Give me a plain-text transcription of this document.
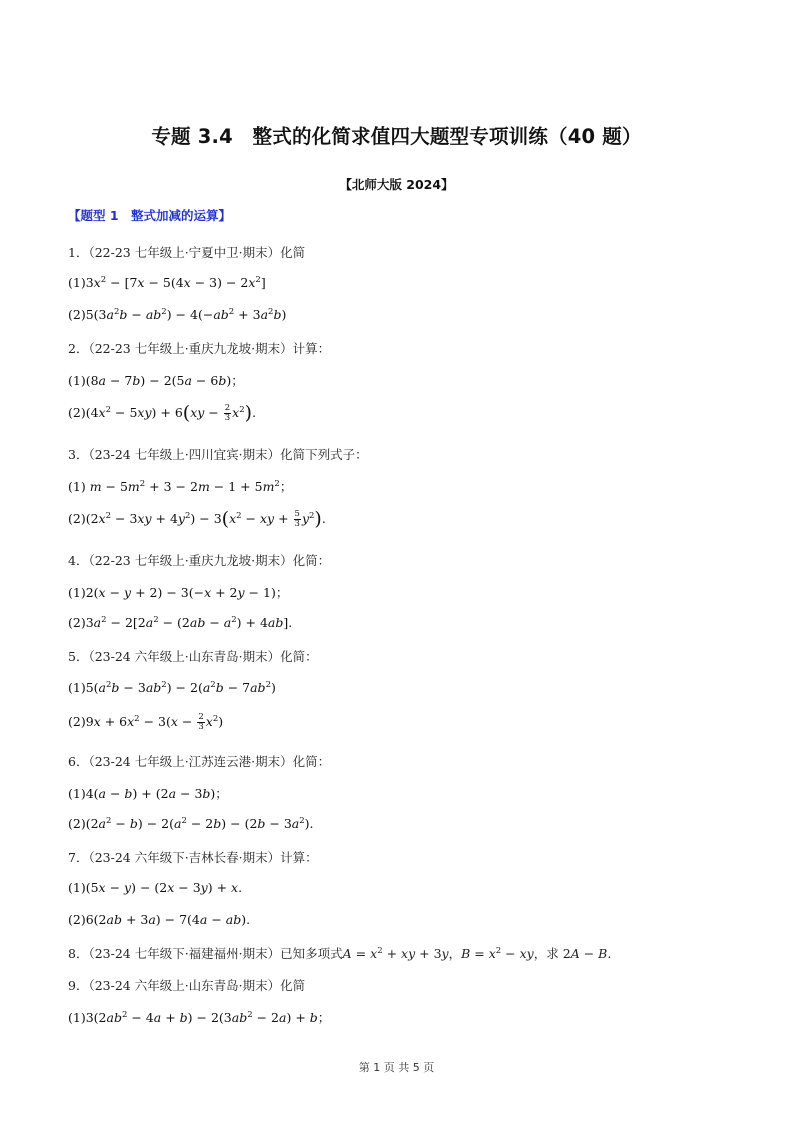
专题 3.4　整式的化简求值四大题型专项训练（40 题）
【北师大版 2024】
【题型 1　整式加减的运算】
1．（22-23 七年级上·宁夏中卫·期末）化简
$(1)3x^2 - [7x - 5(4x - 3) - 2x^2]$
$(2)5(3a^2b - ab^2) - 4(-ab^2 + 3a^2b)$
2．（22-23 七年级上·重庆九龙坡·期末）计算：
(1)(8a − 7b) − 2(5a − 6b)；
$(2)(4x^2 - 5xy) + 6(xy - \frac{2}{3} x^2)$.
3．（23-24 七年级上·四川宜宾·期末）化简下列式子：
(1) $m - 5m^2 + 3 - 2m - 1 + 5m^2$；
$(2)(2x^2 - 3xy + 4y^2) - 3(x^2$ − xy + $\frac{5}{3} y^2$).
4．（22-23 七年级上·重庆九龙坡·期末）化简：
(1)2(x − y + 2) − 3(−x + 2y − 1)；
$(2)3a^2 - 2[2a^2 - (2ab - a^2) + 4ab]$.
5．（23-24 六年级上·山东青岛·期末）化简：
$(1)5(a^2b - 3ab^2) - 2(a^2b - 7ab^2)$
$(2)9x + 6x^2 - 3(x - \frac{2}{3} x^2)$
6．（23-24 七年级上·江苏连云港·期末）化简：
(1)4(a − b) + (2a − 3b)；
$(2)(2a^2 - b) - 2(a^2 - 2b) - (2b - 3a^2)$.
7．（23-24 六年级下·吉林长春·期末）计算：
(1)(5x − y) − (2x − 3y) + x.
(2)6(2ab + 3a) − 7(4a − ab).
8．（23-24 七年级下·福建福州·期末）已知多项式$A = x^2$ + xy + 3y，$B = x^2$ − xy，求 2A − B.
9．（23-24 六年级上·山东青岛·期末）化简
$(1)3(2ab^2 - 4a + b) - 2(3ab^2 - 2a) + b$；
第 1 页 共 5 页
